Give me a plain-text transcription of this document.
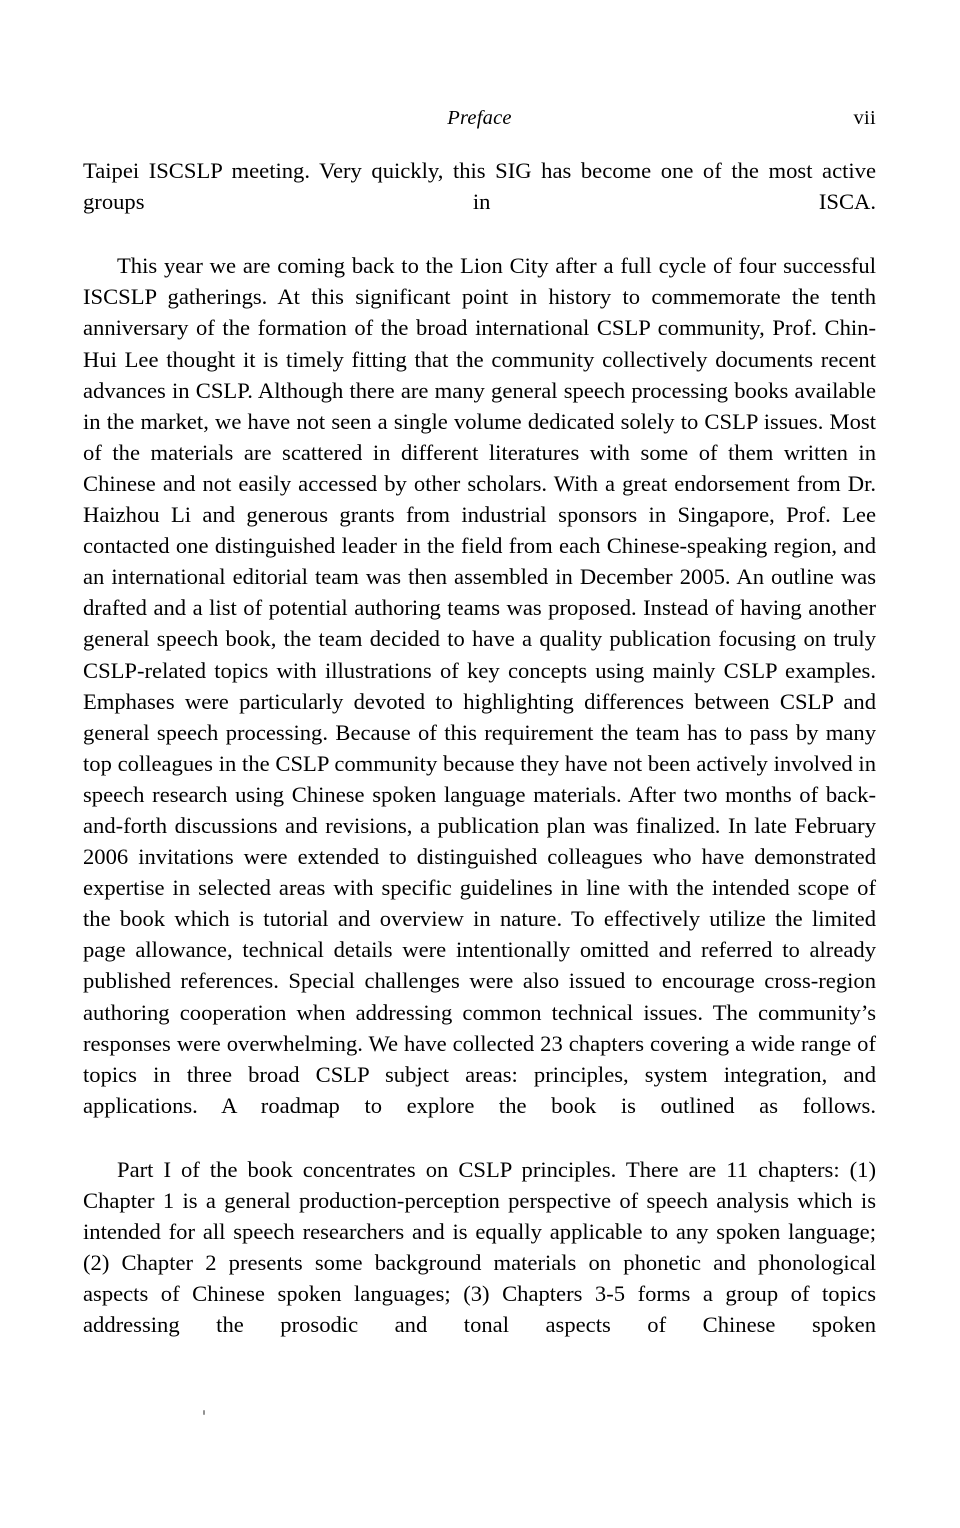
Preface	vii

Taipei ISCSLP meeting. Very quickly, this SIG has become one of the most active groups in ISCA.

This year we are coming back to the Lion City after a full cycle of four successful ISCSLP gatherings. At this significant point in history to commemorate the tenth anniversary of the formation of the broad international CSLP community, Prof. Chin-Hui Lee thought it is timely fitting that the community collectively documents recent advances in CSLP. Although there are many general speech processing books available in the market, we have not seen a single volume dedicated solely to CSLP issues. Most of the materials are scattered in different literatures with some of them written in Chinese and not easily accessed by other scholars. With a great endorsement from Dr. Haizhou Li and generous grants from industrial sponsors in Singapore, Prof. Lee contacted one distinguished leader in the field from each Chinese-speaking region, and an international editorial team was then assembled in December 2005. An outline was drafted and a list of potential authoring teams was proposed. Instead of having another general speech book, the team decided to have a quality publication focusing on truly CSLP-related topics with illustrations of key concepts using mainly CSLP examples. Emphases were particularly devoted to highlighting differences between CSLP and general speech processing. Because of this requirement the team has to pass by many top colleagues in the CSLP community because they have not been actively involved in speech research using Chinese spoken language materials. After two months of back-and-forth discussions and revisions, a publication plan was finalized. In late February 2006 invitations were extended to distinguished colleagues who have demonstrated expertise in selected areas with specific guidelines in line with the intended scope of the book which is tutorial and overview in nature. To effectively utilize the limited page allowance, technical details were intentionally omitted and referred to already published references. Special challenges were also issued to encourage cross-region authoring cooperation when addressing common technical issues. The community’s responses were overwhelming. We have collected 23 chapters covering a wide range of topics in three broad CSLP subject areas: principles, system integration, and applications. A roadmap to explore the book is outlined as follows.

Part I of the book concentrates on CSLP principles. There are 11 chapters: (1) Chapter 1 is a general production-perception perspective of speech analysis which is intended for all speech researchers and is equally applicable to any spoken language; (2) Chapter 2 presents some background materials on phonetic and phonological aspects of Chinese spoken languages; (3) Chapters 3-5 forms a group of topics addressing the prosodic and tonal aspects of Chinese spoken
